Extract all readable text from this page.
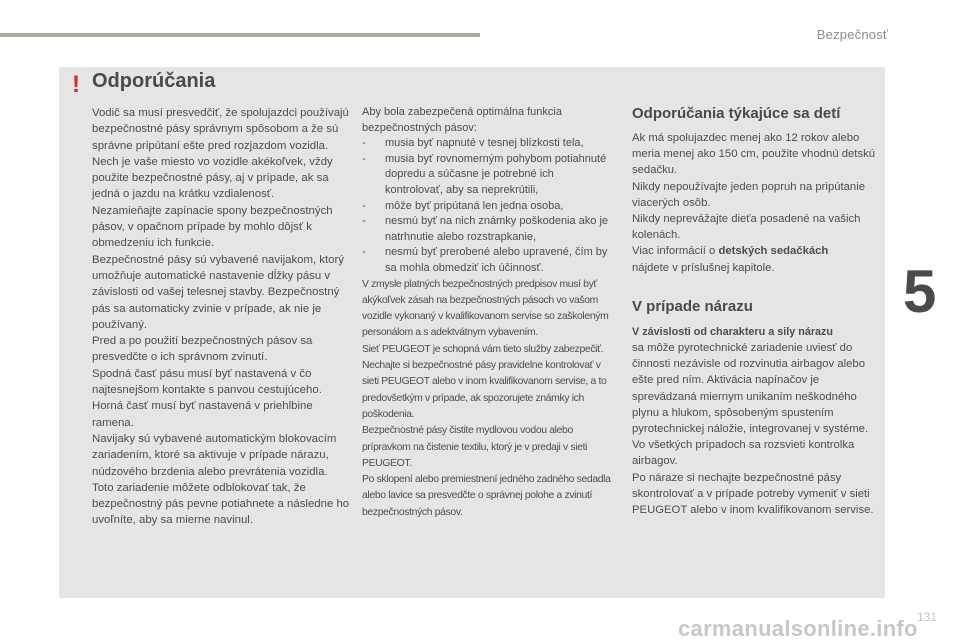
Bezpečnosť
5
! Odporúčania

Vodič sa musí presvedčiť, že spolujazdci používajú bezpečnostné pásy správnym spôsobom a že sú správne pripútaní ešte pred rozjazdom vozidla.

Nech je vaše miesto vo vozidle akékoľvek, vždy použite bezpečnostné pásy, aj v prípade, ak sa jedná o jazdu na krátku vzdialenosť.

Nezamieňajte zapínacie spony bezpečnostných pásov, v opačnom prípade by mohlo dôjsť k obmedzeniu ich funkcie.

Bezpečnostné pásy sú vybavené navijakom, ktorý umožňuje automatické nastavenie dĺžky pásu v závislosti od vašej telesnej stavby. Bezpečnostný pás sa automaticky zvinie v prípade, ak nie je používaný.

Pred a po použití bezpečnostných pásov sa presvedčte o ich správnom zvinutí.

Spodná časť pásu musí byť nastavená v čo najtesnejšom kontakte s panvou cestujúceho.

Horná časť musí byť nastavená v priehlbine ramena.

Navijaky sú vybavené automatickým blokovacím zariadením, ktoré sa aktivuje v prípade nárazu, núdzového brzdenia alebo prevrátenia vozidla. Toto zariadenie môžete odblokovať tak, že bezpečnostný pás pevne potiahnete a následne ho uvoľníte, aby sa mierne navinul.

Aby bola zabezpečená optimálna funkcia bezpečnostných pásov:

- musia byť napnuté v tesnej blízkosti tela,
- musia byť rovnomerným pohybom potiahnuté dopredu a súčasne je potrebné ich kontrolovať, aby sa neprekrútili,
- môže byť pripútaná len jedna osoba,
- nesmú byť na nich známky poškodenia ako je natrhnutie alebo rozstrapkanie,
- nesmú byť prerobené alebo upravené, čím by sa mohla obmedziť ich účinnosť.

V zmysle platných bezpečnostných predpisov musí byť akýkoľvek zásah na bezpečnostných pásoch vo vašom vozidle vykonaný v kvalifikovanom servise so zaškoleným personálom a s adektvátnym vybavením.

Sieť PEUGEOT je schopná vám tieto služby zabezpečiť.

Nechajte si bezpečnostné pásy pravidelne kontrolovať v sieti PEUGEOT alebo v inom kvalifikovanom servise, a to predovšetkým v prípade, ak spozorujete známky ich poškodenia.

Bezpečnostné pásy čistite mydlovou vodou alebo prípravkom na čistenie textilu, ktorý je v predaji v sieti PEUGEOT.

Po sklopení alebo premiestnení jedného zadného sedadla alebo lavice sa presvedčte o správnej polohe a zvinutí bezpečnostných pásov.

Odporúčania týkajúce sa detí

Ak má spolujazdec menej ako 12 rokov alebo meria menej ako 150 cm, použite vhodnú detskú sedačku.

Nikdy nepoužívajte jeden popruh na pripútanie viacerých osôb.

Nikdy neprevážajte dieťa posadené na vašich kolenách.

Viac informácií o detských sedačkách
nájdete v príslušnej kapitole.

V prípade nárazu

V závislosti od charakteru a sily nárazu

sa môže pyrotechnické zariadenie uviesť do činnosti nezávisle od rozvinutia airbagov alebo ešte pred ním. Aktivácia napínačov je sprevádzaná miernym unikaním neškodného plynu a hlukom, spôsobeným spustením pyrotechnickej náložie, integrovanej v systéme.

Vo všetkých prípadoch sa rozsvieti kontrolka airbagov.

Po náraze si nechajte bezpečnostné pásy skontrolovať a v prípade potreby vymeniť v sieti PEUGEOT alebo v inom kvalifikovanom servise.

131
carmanualsonline.info
